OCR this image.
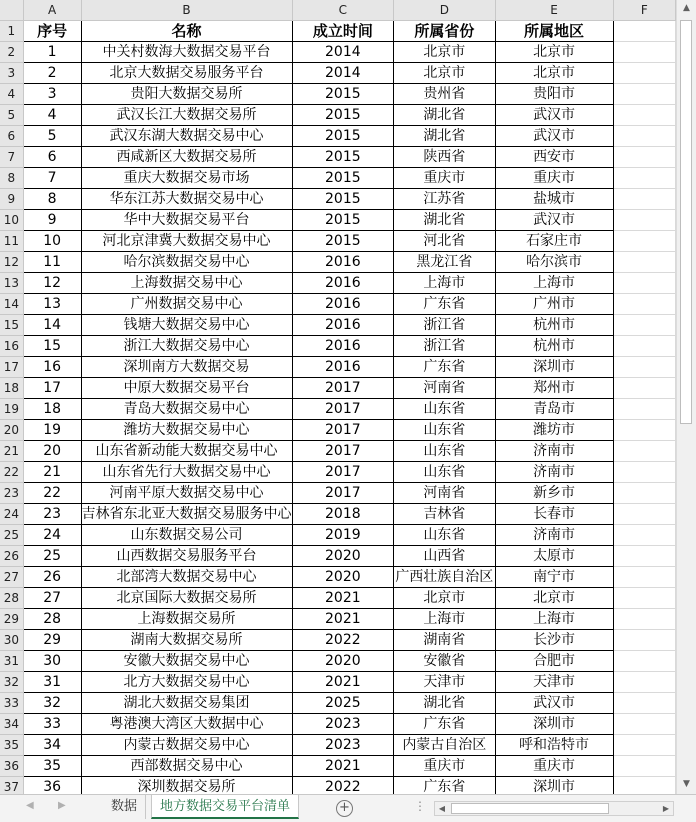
	A	B	C	D	E	F
1	序号	名称	成立时间	所属省份	所属地区	
2	1	中关村数海大数据交易平台	2014	北京市	北京市	
3	2	北京大数据交易服务平台	2014	北京市	北京市	
4	3	贵阳大数据交易所	2015	贵州省	贵阳市	
5	4	武汉长江大数据交易所	2015	湖北省	武汉市	
6	5	武汉东湖大数据交易中心	2015	湖北省	武汉市	
7	6	西咸新区大数据交易所	2015	陕西省	西安市	
8	7	重庆大数据交易市场	2015	重庆市	重庆市	
9	8	华东江苏大数据交易中心	2015	江苏省	盐城市	
10	9	华中大数据交易平台	2015	湖北省	武汉市	
11	10	河北京津冀大数据交易中心	2015	河北省	石家庄市	
12	11	哈尔滨数据交易中心	2016	黑龙江省	哈尔滨市	
13	12	上海数据交易中心	2016	上海市	上海市	
14	13	广州数据交易中心	2016	广东省	广州市	
15	14	钱塘大数据交易中心	2016	浙江省	杭州市	
16	15	浙江大数据交易中心	2016	浙江省	杭州市	
17	16	深圳南方大数据交易	2016	广东省	深圳市	
18	17	中原大数据交易平台	2017	河南省	郑州市	
19	18	青岛大数据交易中心	2017	山东省	青岛市	
20	19	潍坊大数据交易中心	2017	山东省	潍坊市	
21	20	山东省新动能大数据交易中心	2017	山东省	济南市	
22	21	山东省先行大数据交易中心	2017	山东省	济南市	
23	22	河南平原大数据交易中心	2017	河南省	新乡市	
24	23	吉林省东北亚大数据交易服务中心	2018	吉林省	长春市	
25	24	山东数据交易公司	2019	山东省	济南市	
26	25	山西数据交易服务平台	2020	山西省	太原市	
27	26	北部湾大数据交易中心	2020	广西壮族自治区	南宁市	
28	27	北京国际大数据交易所	2021	北京市	北京市	
29	28	上海数据交易所	2021	上海市	上海市	
30	29	湖南大数据交易所	2022	湖南省	长沙市	
31	30	安徽大数据交易中心	2020	安徽省	合肥市	
32	31	北方大数据交易中心	2021	天津市	天津市	
33	32	湖北大数据交易集团	2025	湖北省	武汉市	
34	33	粤港澳大湾区大数据中心	2023	广东省	深圳市	
35	34	内蒙古数据交易中心	2023	内蒙古自治区	呼和浩特市	
36	35	西部数据交易中心	2021	重庆市	重庆市	
37	36	深圳数据交易所	2022	广东省	深圳市	
▲
▼
◀ ▶	数据	地方数据交易平台清单	+	⋮	◀	▶
